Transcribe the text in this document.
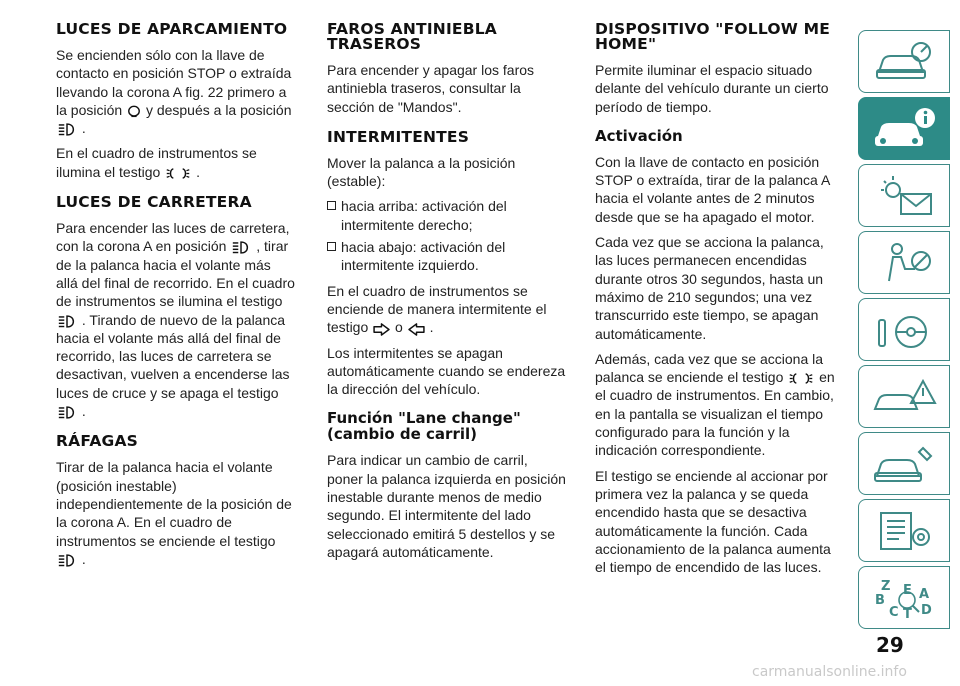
LUCES DE APARCAMIENTO

Se encienden sólo con la llave de contacto en posición STOP o extraída llevando la corona A fig. 22 primero a la posición y después a la posición
.

En el cuadro de instrumentos se ilumina el testigo	.

LUCES DE CARRETERA

Para encender las luces de carretera, con la corona A en posición , tirar de la palanca hacia el volante más allá del final de recorrido. En el cuadro de instrumentos se ilumina el testigo
. Tirando de nuevo de la palanca hacia el volante más allá del final de recorrido, las luces de carretera se desactivan, vuelven a encenderse las luces de cruce y se apaga el testigo
.

RÁFAGAS

Tirar de la palanca hacia el volante (posición inestable) independientemente de la posición de la corona A. En el cuadro de instrumentos se enciende el testigo
.

FAROS ANTINIEBLA TRASEROS

Para encender y apagar los faros antiniebla traseros, consultar la sección de "Mandos".

INTERMITENTES

Mover la palanca a la posición (estable):

hacia arriba: activación del intermitente derecho;
hacia abajo: activación del intermitente izquierdo.

En el cuadro de instrumentos se enciende de manera intermitente el testigo o .

Los intermitentes se apagan automáticamente cuando se endereza la dirección del vehículo.

Función "Lane change" (cambio de carril)

Para indicar un cambio de carril, poner la palanca izquierda en posición inestable durante menos de medio segundo. El intermitente del lado seleccionado emitirá 5 destellos y se apagará automáticamente.

DISPOSITIVO "FOLLOW ME HOME"

Permite iluminar el espacio situado delante del vehículo durante un cierto período de tiempo.

Activación

Con la llave de contacto en posición STOP o extraída, tirar de la palanca A hacia el volante antes de 2 minutos desde que se ha apagado el motor.

Cada vez que se acciona la palanca, las luces permanecen encendidas durante otros 30 segundos, hasta un máximo de 210 segundos; una vez transcurrido este tiempo, se apagan automáticamente.

Además, cada vez que se acciona la palanca se enciende el testigo	en el cuadro de instrumentos. En cambio, en la pantalla se visualizan el tiempo configurado para la función y la indicación correspondiente.

El testigo se enciende al accionar por primera vez la palanca y se queda encendido hasta que se desactiva automáticamente la función. Cada accionamiento de la palanca aumenta el tiempo de encendido de las luces.

Z E A
B
C T D
29
carmanualsonline.info
